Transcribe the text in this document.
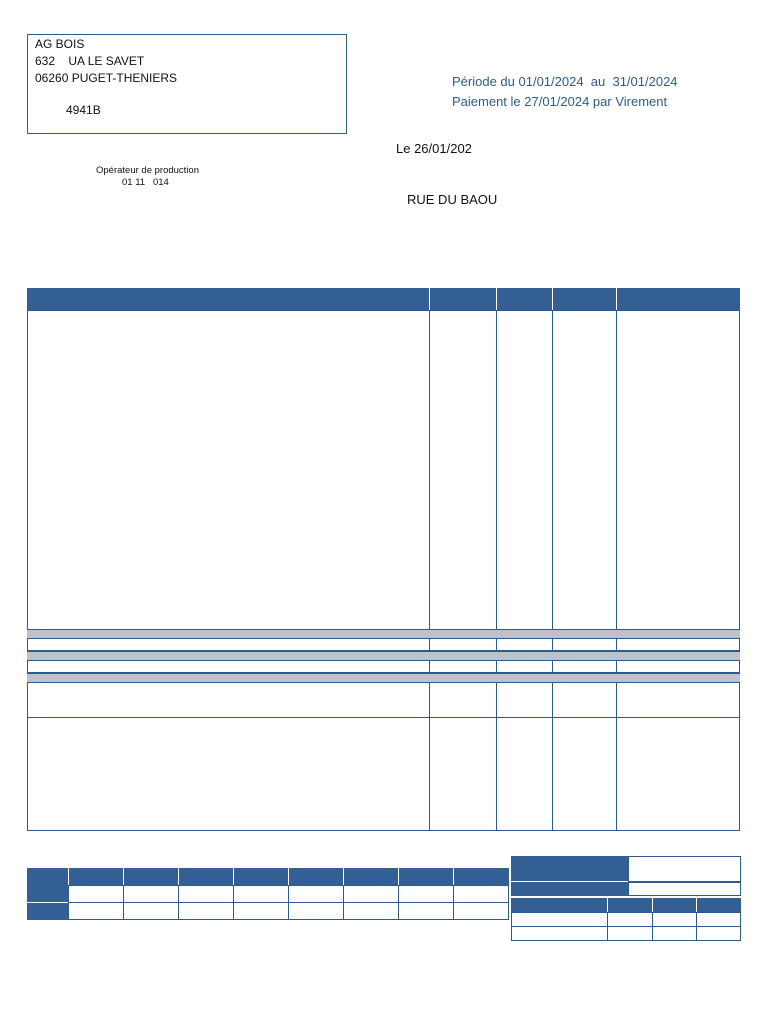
AG BOIS
632    UA LE SAVET
06260 PUGET-THENIERS
4941B
Période du 01/01/2024  au  31/01/2024
Paiement le 27/01/2024 par Virement
Le 26/01/202
Opérateur de production
01 11   014
RUE DU BAOU
